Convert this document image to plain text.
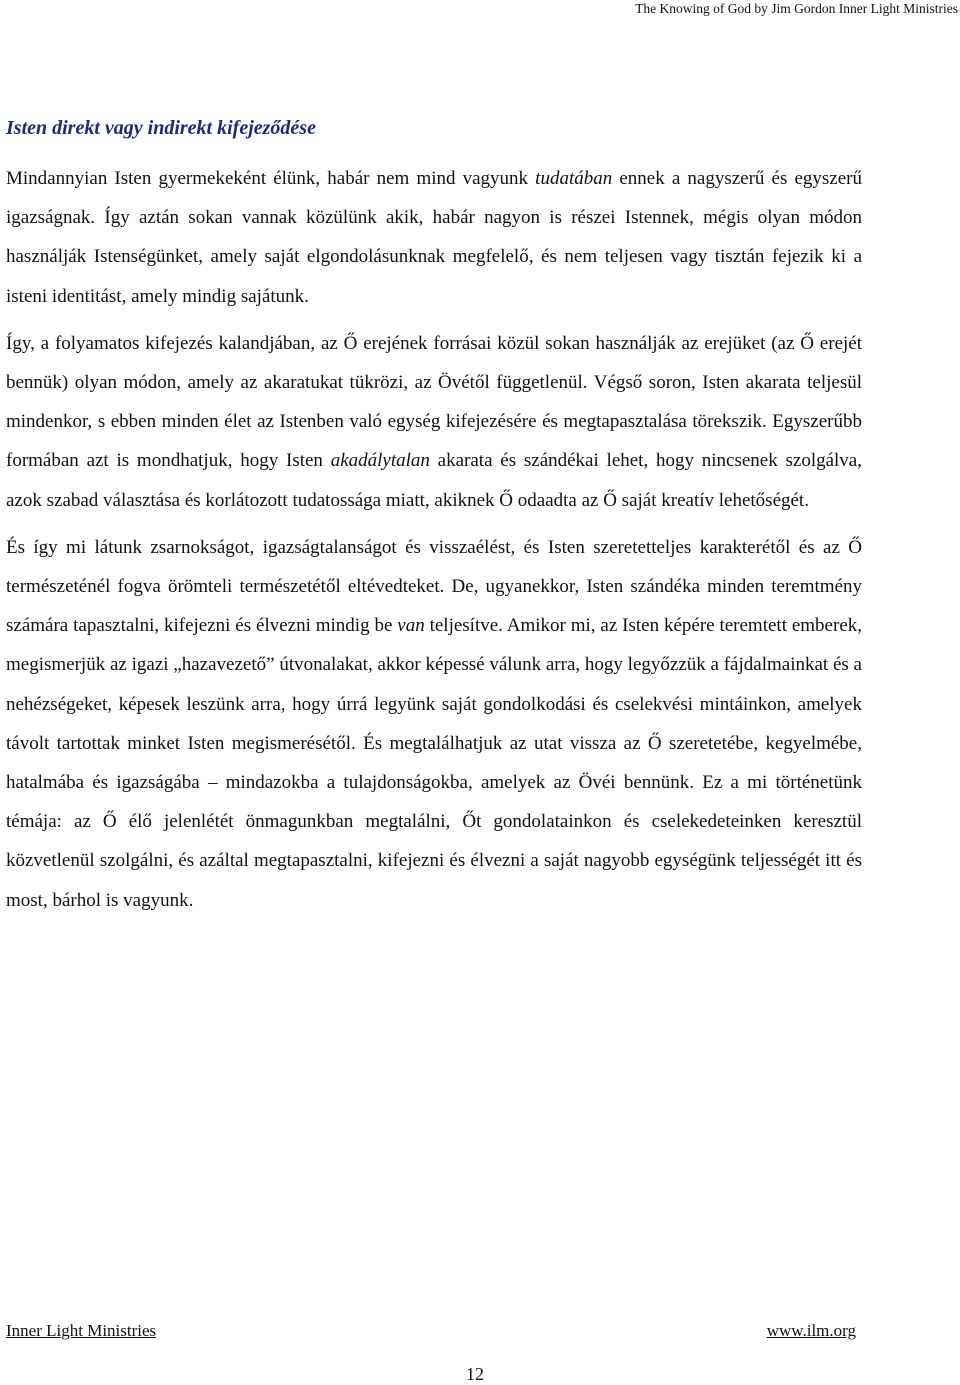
The Knowing of God by Jim Gordon Inner Light Ministries
Isten direkt vagy indirekt kifejeződése

Mindannyian Isten gyermekeként élünk, habár nem mind vagyunk tudatában ennek a nagyszerű és egyszerű igazságnak. Így aztán sokan vannak közülünk akik, habár nagyon is részei Istennek, mégis olyan módon használják Istenségünket, amely saját elgondolásunknak megfelelő, és nem teljesen vagy tisztán fejezik ki a isteni identitást, amely mindig sajátunk.

Így, a folyamatos kifejezés kalandjában, az Ő erejének forrásai közül sokan használják az erejüket (az Ő erejét bennük) olyan módon, amely az akaratukat tükrözi, az Övétől függetlenül. Végső soron, Isten akarata teljesül mindenkor, s ebben minden élet az Istenben való egység kifejezésére és megtapasztalása törekszik. Egyszerűbb formában azt is mondhatjuk, hogy Isten akadálytalan akarata és szándékai lehet, hogy nincsenek szolgálva, azok szabad választása és korlátozott tudatossága miatt, akiknek Ő odaadta az Ő saját kreatív lehetőségét.

És így mi látunk zsarnokságot, igazságtalanságot és visszaélést, és Isten szeretetteljes karakterétől és az Ő természeténél fogva örömteli természetétől eltévedteket. De, ugyanekkor, Isten szándéka minden teremtmény számára tapasztalni, kifejezni és élvezni mindig be van teljesítve. Amikor mi, az Isten képére teremtett emberek, megismerjük az igazi „hazavezető” útvonalakat, akkor képessé válunk arra, hogy legyőzzük a fájdalmainkat és a nehézségeket, képesek leszünk arra, hogy úrrá legyünk saját gondolkodási és cselekvési mintáinkon, amelyek távolt tartottak minket Isten megismerésétől. És megtalálhatjuk az utat vissza az Ő szeretetébe, kegyelmébe, hatalmába és igazságába – mindazokba a tulajdonságokba, amelyek az Övéi bennünk. Ez a mi történetünk témája: az Ő élő jelenlétét önmagunkban megtalálni, Őt gondolatainkon és cselekedeteinken keresztül közvetlenül szolgálni, és azáltal megtapasztalni, kifejezni és élvezni a saját nagyobb egységünk teljességét itt és most, bárhol is vagyunk.

Inner Light Ministries	www.ilm.org
12
